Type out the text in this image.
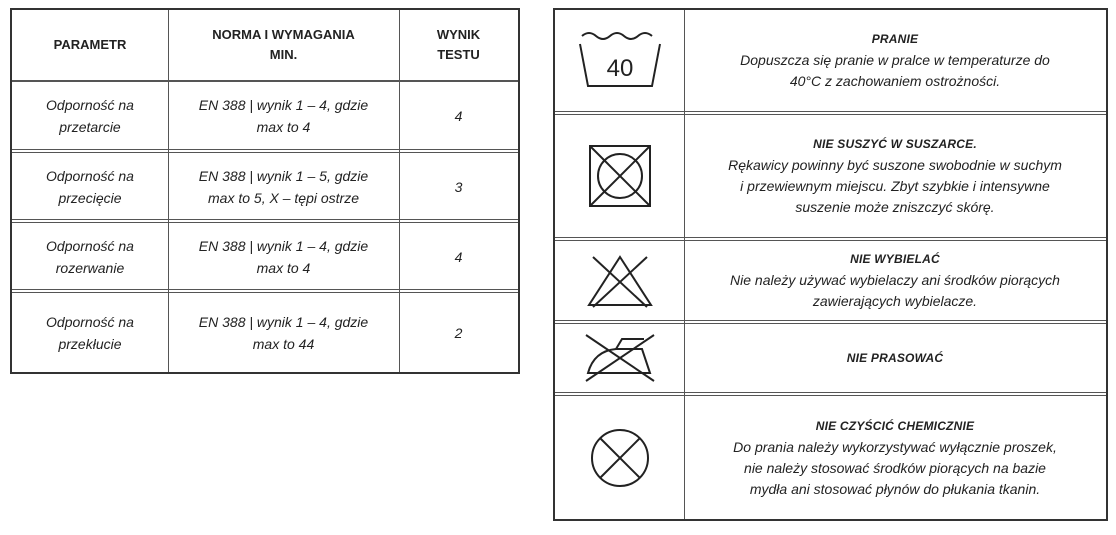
PARAMETR
NORMA I WYMAGANIA
MIN.
WYNIK
TESTU
Odporność na
przetarcie
EN 388 | wynik 1 – 4, gdzie
max to 4
4
Odporność na
przecięcie
EN 388 | wynik 1 – 5, gdzie
max to 5, X – tępi ostrze
3
Odporność na
rozerwanie
EN 388 | wynik 1 – 4, gdzie
max to 4
4
Odporność na
przekłucie
EN 388 | wynik 1 – 4, gdzie
max to 44
2
40
PRANIE
Dopuszcza się pranie w pralce w temperaturze do
40°C z zachowaniem ostrożności.
NIE SUSZYĆ W SUSZARCE.
Rękawicy powinny być suszone swobodnie w suchym
i przewiewnym miejscu. Zbyt szybkie i intensywne
suszenie może zniszczyć skórę.
NIE WYBIELAĆ
Nie należy używać wybielaczy ani środków piorących
zawierających wybielacze.
NIE PRASOWAĆ
NIE CZYŚCIĆ CHEMICZNIE
Do prania należy wykorzystywać wyłącznie proszek,
nie należy stosować środków piorących na bazie
mydła ani stosować płynów do płukania tkanin.
